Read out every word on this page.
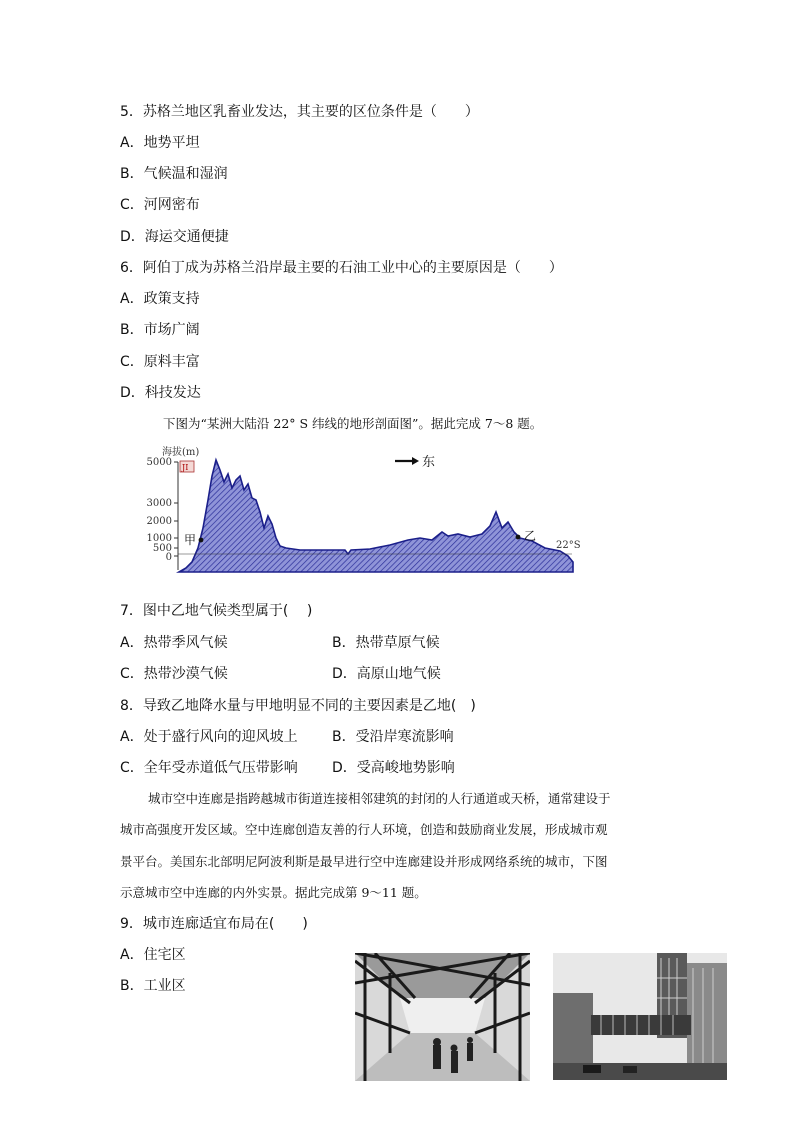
5．苏格兰地区乳畜业发达，其主要的区位条件是（　　）
A．地势平坦
B．气候温和湿润
C．河网密布
D．海运交通便捷
6．阿伯丁成为苏格兰沿岸最主要的石油工业中心的主要原因是（　　）
A．政策支持
B．市场广阔
C．原料丰富
D．科技发达
下图为“某洲大陆沿 22° S 纬线的地形剖面图”。据此完成 7～8 题。
海拔(m)
5000
3000
2000
1000
500
0
JI
甲	乙
22°S
东
7．图中乙地气候类型属于(　 )
A．热带季风气候	B．热带草原气候
C．热带沙漠气候	D．高原山地气候
8．导致乙地降水量与甲地明显不同的主要因素是乙地(　)
A．处于盛行风向的迎风坡上 B．受沿岸寒流影响
C．全年受赤道低气压带影响 D．受高峻地势影响
城市空中连廊是指跨越城市街道连接相邻建筑的封闭的人行通道或天桥，通常建设于
城市高强度开发区域。空中连廊创造友善的行人环境，创造和鼓励商业发展，形成城市观
景平台。美国东北部明尼阿波利斯是最早进行空中连廊建设并形成网络系统的城市，下图
示意城市空中连廊的内外实景。据此完成第 9～11 题。
9．城市连廊适宜布局在(　　)
A．住宅区
B．工业区
